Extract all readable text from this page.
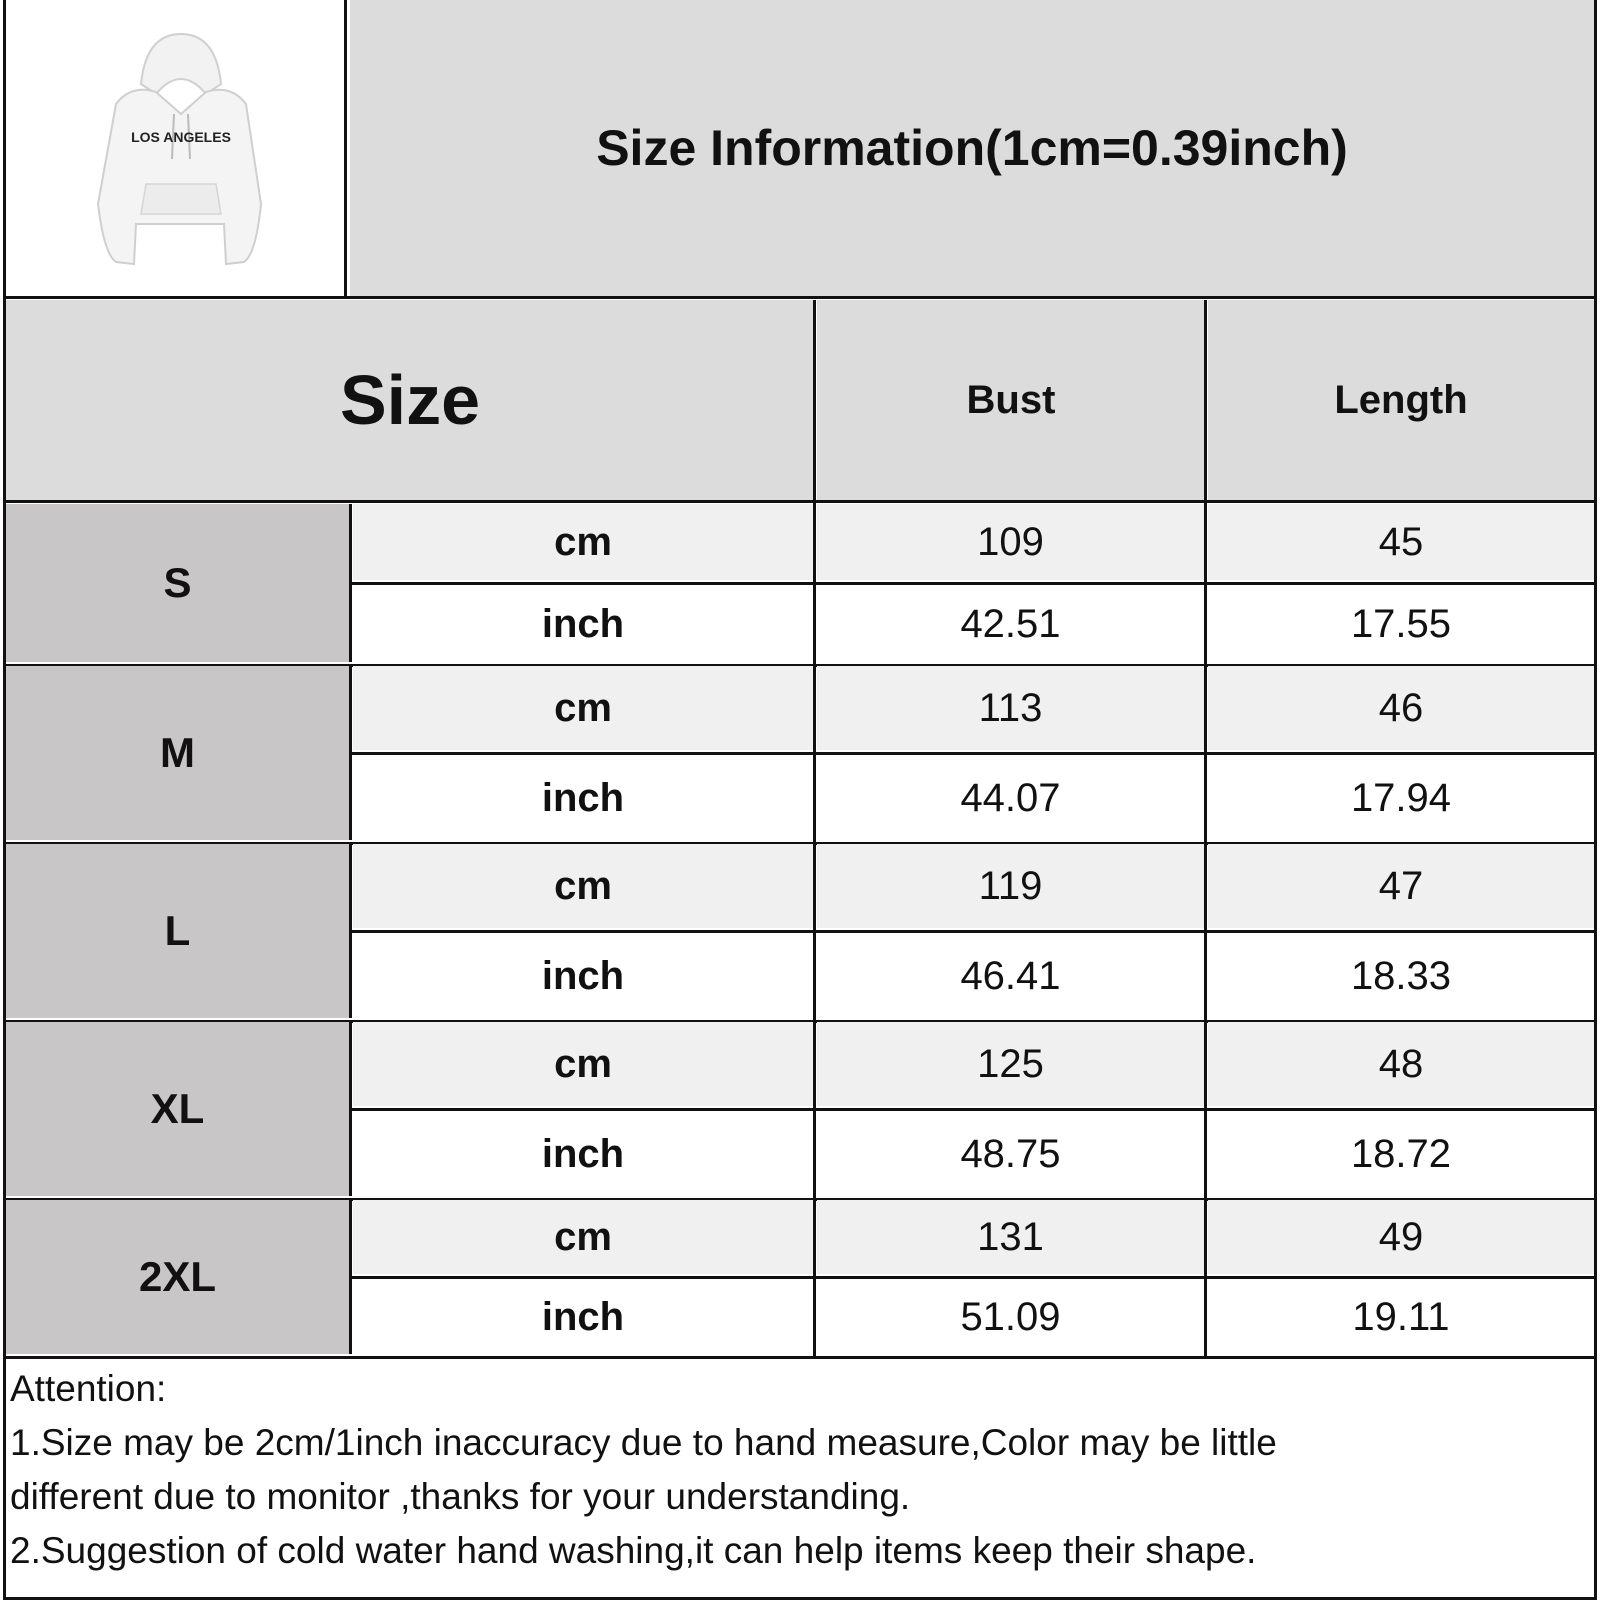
LOS ANGELES	Size Information(1cm=0.39inch)
Size	Bust	Length
S
cm	109	45
inch	42.51	17.55
M
cm	113	46
inch	44.07	17.94
L
cm	119	47
inch	46.41	18.33
XL
cm	125	48
inch	48.75	18.72
2XL
cm	131	49
inch	51.09	19.11
Attention:
1.Size may be 2cm/1inch inaccuracy due to hand measure,Color may be little
different due to monitor ,thanks for your understanding.
2.Suggestion of cold water hand washing,it can help items keep their shape.
